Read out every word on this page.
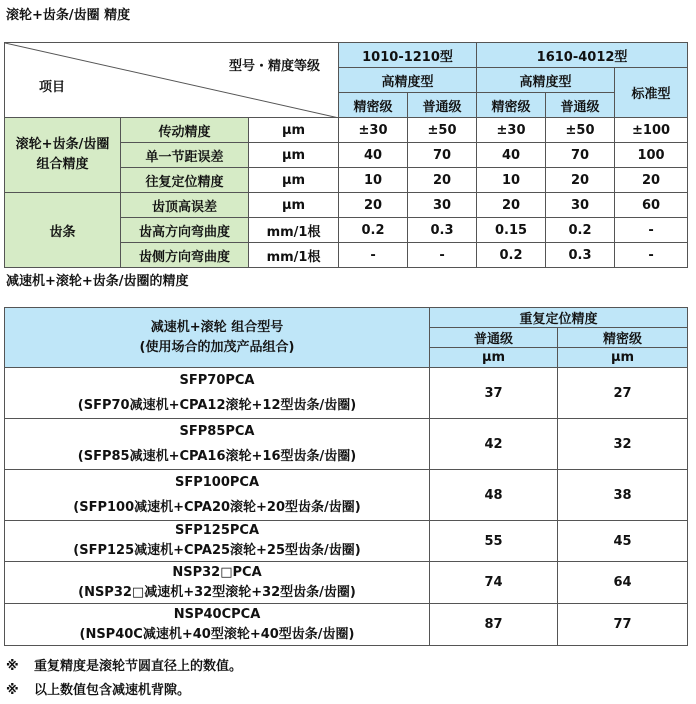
滚轮+齿条/齿圈 精度
型号・精度等级
项目			1010-1210型		1610-4012型		
			高精度型		高精度型		标准型
			精密级	普通级	精密级	普通级	
滚轮+齿条/齿圈
组合精度	传动精度	μm	±30	±50	±30	±50	±100
	单一节距误差	μm	40	70	40	70	100
	往复定位精度	μm	10	20	10	20	20
齿条	齿顶高误差	μm	20	30	20	30	60
	齿高方向弯曲度	mm/1根	0.2	0.3	0.15	0.2	-
	齿侧方向弯曲度	mm/1根	-	-	0.2	0.3	-
减速机+滚轮+齿条/齿圈的精度
减速机+滚轮 组合型号
(使用场合的加茂产品组合)	重复定位精度	
	普通级	精密级
	μm	μm

SFP70PCA
(SFP70减速机+CPA12滚轮+12型齿条/齿圈)	37	27

SFP85PCA
(SFP85减速机+CPA16滚轮+16型齿条/齿圈)	42	32

SFP100PCA
(SFP100减速机+CPA20滚轮+20型齿条/齿圈)	48	38

SFP125PCA
(SFP125减速机+CPA25滚轮+25型齿条/齿圈)	55	45

NSP32□PCA
(NSP32□减速机+32型滚轮+32型齿条/齿圈)	74	64

NSP40CPCA
(NSP40C减速机+40型滚轮+40型齿条/齿圈)	87	77
※ 重复精度是滚轮节圆直径上的数值。
※ 以上数值包含减速机背隙。
